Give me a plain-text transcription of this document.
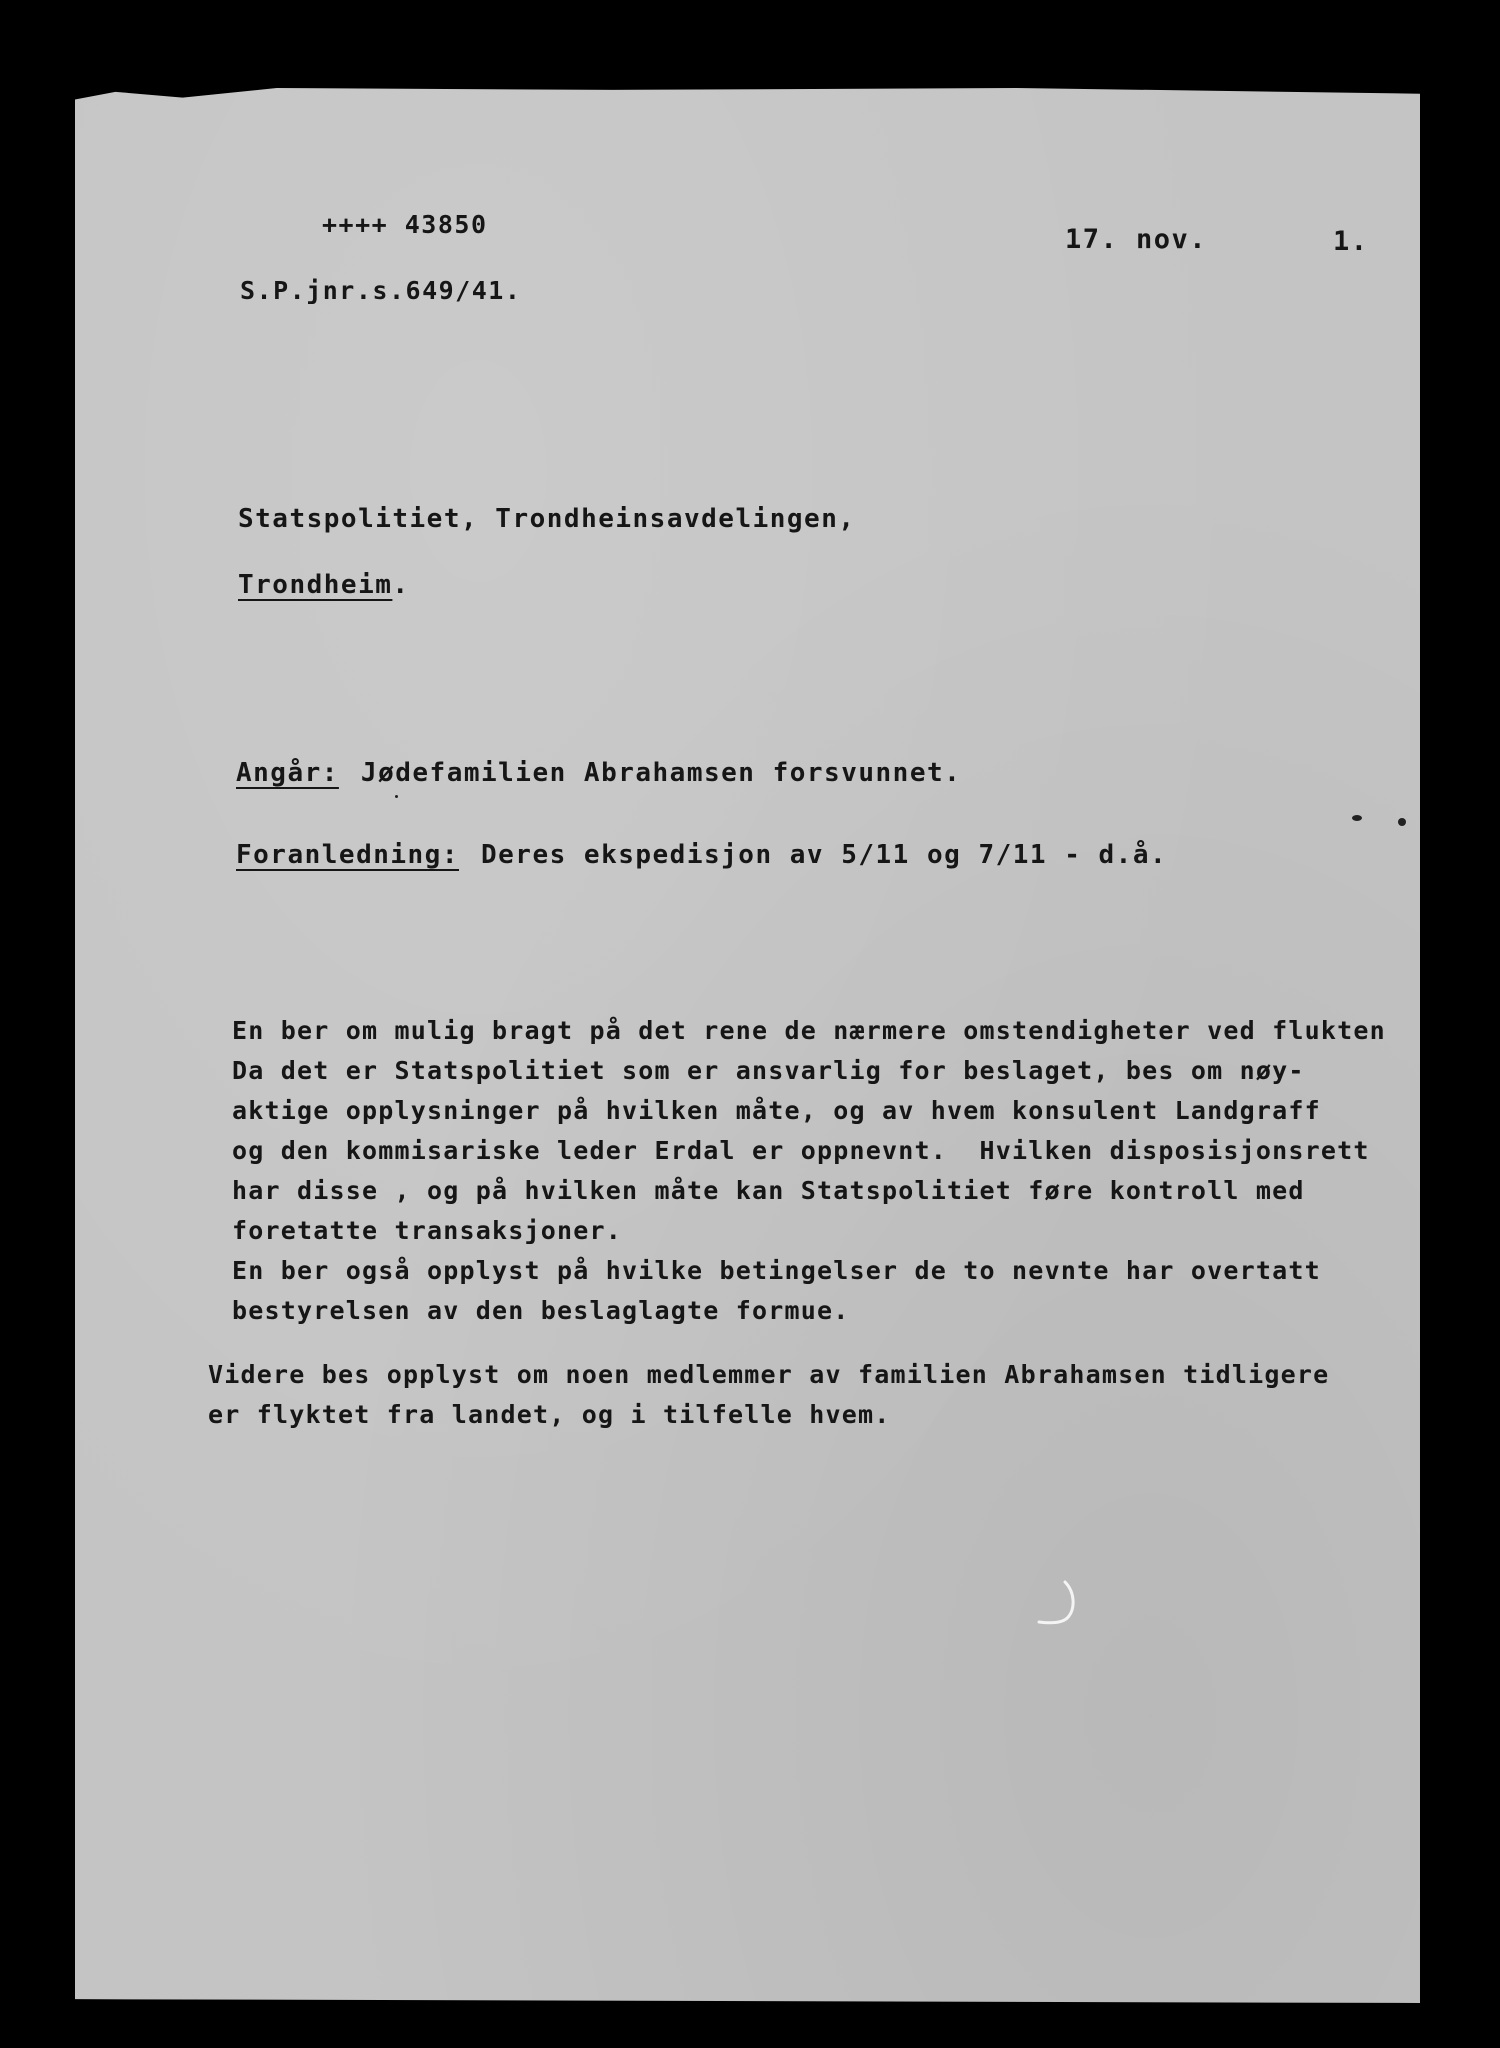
++++ 43850	17. nov.	1.
S.P.jnr.s.649/41.
Statspolitiet, Trondheinsavdelingen,
Trondheim.
Angår: Jødefamilien Abrahamsen forsvunnet.
Foranledning: Deres ekspedisjon av 5/11 og 7/11 - d.å.
En ber om mulig bragt på det rene de nærmere omstendigheter ved flukten
Da det er Statspolitiet som er ansvarlig for beslaget, bes om nøy-
aktige opplysninger på hvilken måte, og av hvem konsulent Landgraff
og den kommisariske leder Erdal er oppnevnt.  Hvilken disposisjonsrett
har disse , og på hvilken måte kan Statspolitiet føre kontroll med
foretatte transaksjoner.
En ber også opplyst på hvilke betingelser de to nevnte har overtatt
bestyrelsen av den beslaglagte formue.
Videre bes opplyst om noen medlemmer av familien Abrahamsen tidligere
er flyktet fra landet, og i tilfelle hvem.
